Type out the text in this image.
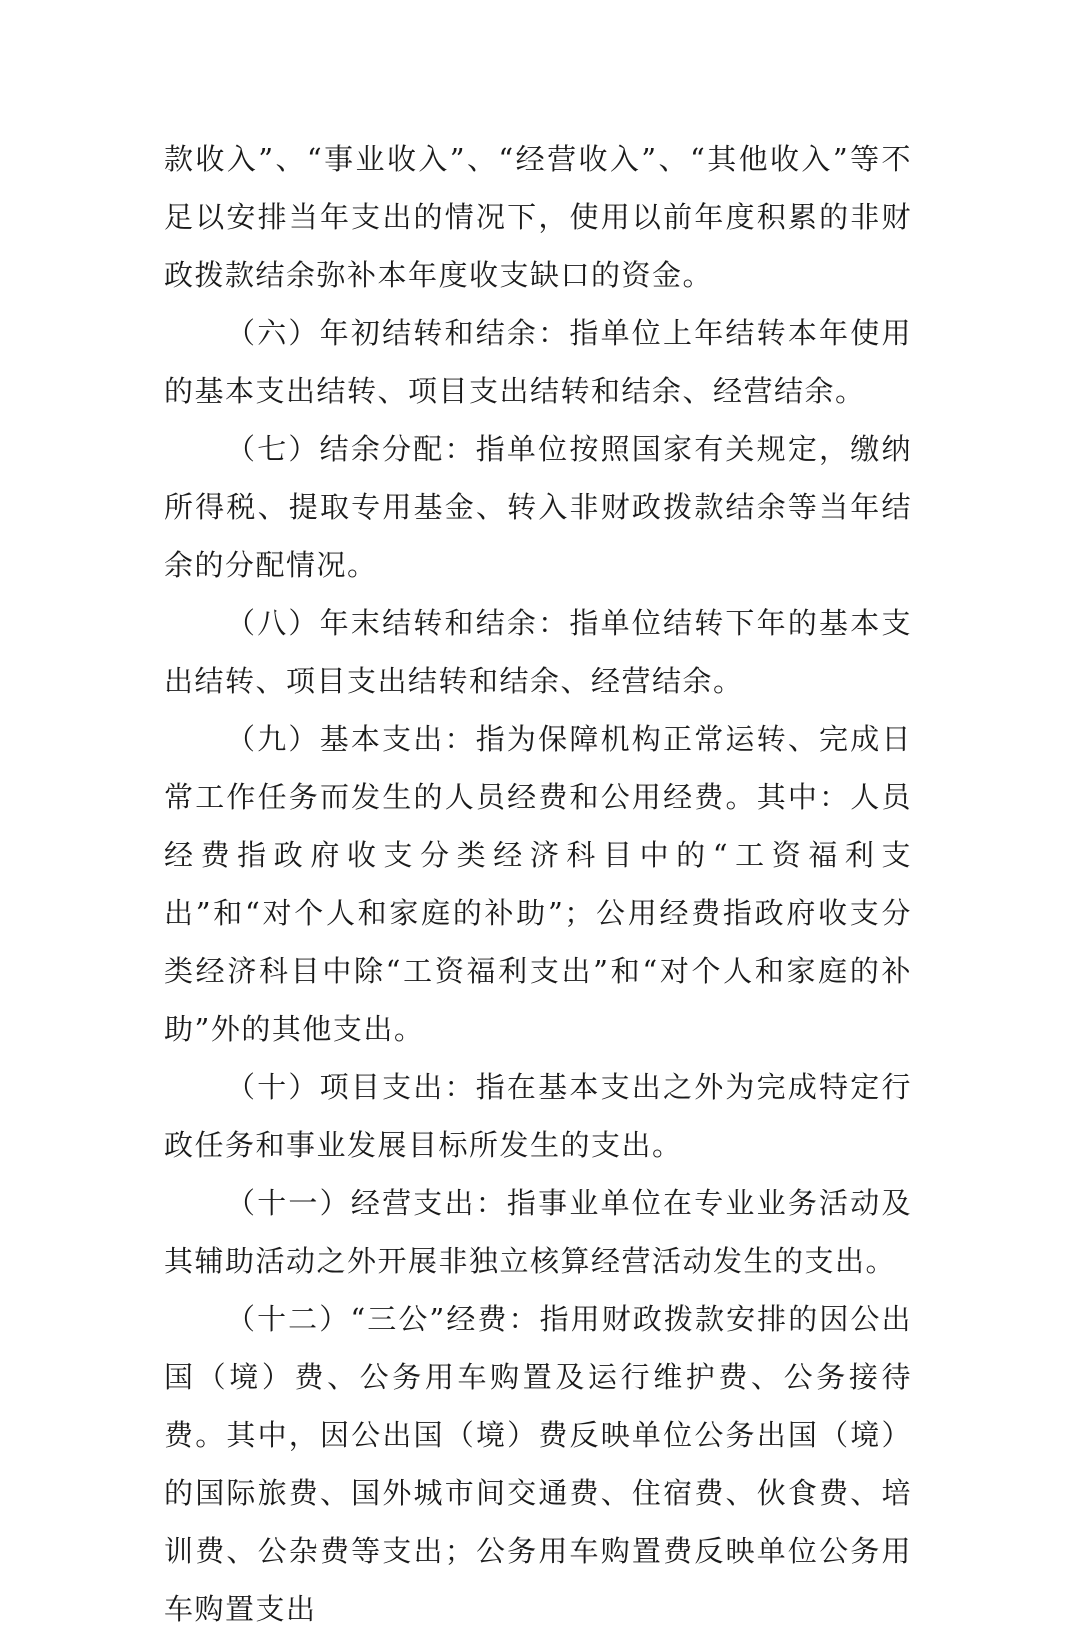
款收入”、“事业收入”、“经营收入”、“其他收入”等不足以安排当年支出的情况下，使用以前年度积累的非财政拨款结余弥补本年度收支缺口的资金。

（六）年初结转和结余：指单位上年结转本年使用的基本支出结转、项目支出结转和结余、经营结余。

（七）结余分配：指单位按照国家有关规定，缴纳所得税、提取专用基金、转入非财政拨款结余等当年结余的分配情况。

（八）年末结转和结余：指单位结转下年的基本支出结转、项目支出结转和结余、经营结余。

（九）基本支出：指为保障机构正常运转、完成日常工作任务而发生的人员经费和公用经费。其中：人员经费指政府收支分类经济科目中的“工资福利支出”和“对个人和家庭的补助”；公用经费指政府收支分类经济科目中除“工资福利支出”和“对个人和家庭的补助”外的其他支出。

（十）项目支出：指在基本支出之外为完成特定行政任务和事业发展目标所发生的支出。

（十一）经营支出：指事业单位在专业业务活动及其辅助活动之外开展非独立核算经营活动发生的支出。

（十二）“三公”经费：指用财政拨款安排的因公出国（境）费、公务用车购置及运行维护费、公务接待费。其中，因公出国（境）费反映单位公务出国（境）的国际旅费、国外城市间交通费、住宿费、伙食费、培训费、公杂费等支出；公务用车购置费反映单位公务用车购置支出
